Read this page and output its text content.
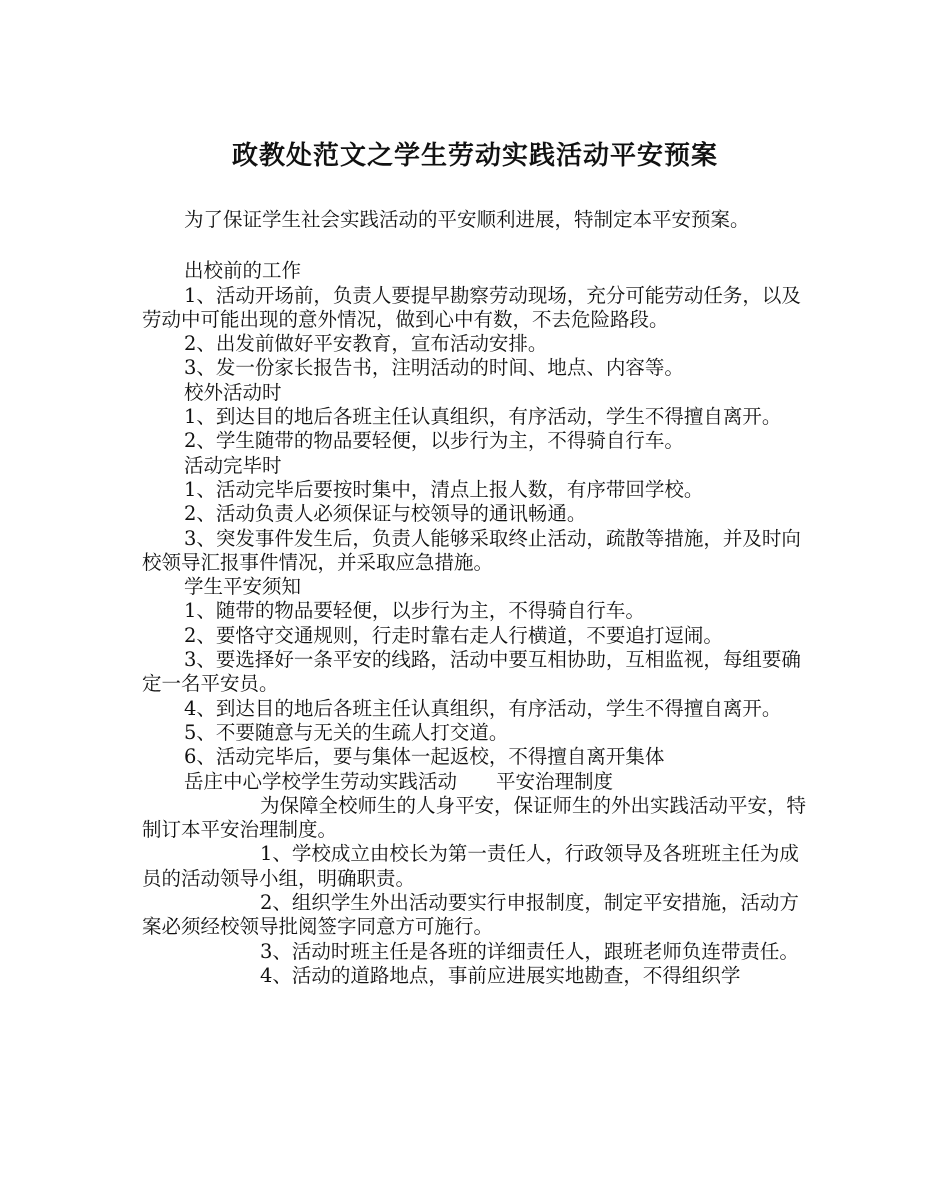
政教处范文之学生劳动实践活动平安预案

为了保证学生社会实践活动的平安顺利进展，特制定本平安预案。

出校前的工作

1、活动开场前，负责人要提早勘察劳动现场，充分可能劳动任务，以及劳动中可能出现的意外情况，做到心中有数，不去危险路段。

2、出发前做好平安教育，宣布活动安排。

3、发一份家长报告书，注明活动的时间、地点、内容等。

校外活动时

1、到达目的地后各班主任认真组织，有序活动，学生不得擅自离开。

2、学生随带的物品要轻便，以步行为主，不得骑自行车。

活动完毕时

1、活动完毕后要按时集中，清点上报人数，有序带回学校。

2、活动负责人必须保证与校领导的通讯畅通。

3、突发事件发生后，负责人能够采取终止活动，疏散等措施，并及时向校领导汇报事件情况，并采取应急措施。

学生平安须知

1、随带的物品要轻便，以步行为主，不得骑自行车。

2、要恪守交通规则，行走时靠右走人行横道，不要追打逗闹。

3、要选择好一条平安的线路，活动中要互相协助，互相监视，每组要确定一名平安员。

4、到达目的地后各班主任认真组织，有序活动，学生不得擅自离开。

5、不要随意与无关的生疏人打交道。

6、活动完毕后，要与集体一起返校，不得擅自离开集体

岳庄中心学校学生劳动实践活动　　平安治理制度

为保障全校师生的人身平安，保证师生的外出实践活动平安，特制订本平安治理制度。

1、学校成立由校长为第一责任人，行政领导及各班班主任为成员的活动领导小组，明确职责。

2、组织学生外出活动要实行申报制度，制定平安措施，活动方案必须经校领导批阅签字同意方可施行。

3、活动时班主任是各班的详细责任人，跟班老师负连带责任。

4、活动的道路地点，事前应进展实地勘查，不得组织学
